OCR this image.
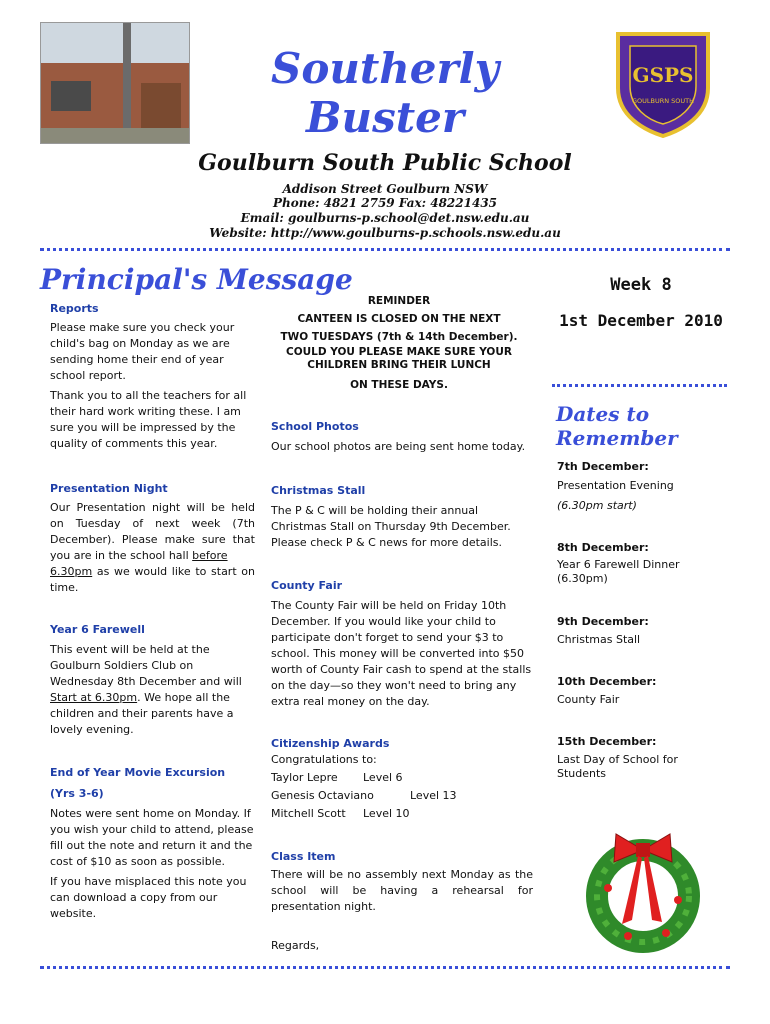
Southerly Buster
GSPS
GOULBURN SOUTH
Goulburn South Public School
Addison Street Goulburn NSW
Phone: 4821 2759 Fax: 48221435
Email: goulburns-p.school@det.nsw.edu.au
Website: http://www.goulburns-p.schools.nsw.edu.au
Principal's Message
Reports
Please make sure you check your child's bag on Monday as we are sending home their end of year school report.
Thank you to all the teachers for all their hard work writing these. I am sure you will be impressed by the quality of comments this year.
Presentation Night
Our Presentation night will be held on Tuesday of next week (7th December). Please make sure that you are in the school hall before
6.30pm as we would like to start on time.
Year 6 Farewell
This event will be held at the Goulburn Soldiers Club on Wednesday 8th December and will Start at 6.30pm. We hope all the children and their parents have a lovely evening.
End of Year Movie Excursion
(Yrs 3-6)
Notes were sent home on Monday. If you wish your child to attend, please fill out the note and return it and the cost of $10 as soon as possible.
If you have misplaced this note you can download a copy from our website.
REMINDER
CANTEEN IS CLOSED ON THE NEXT
TWO TUESDAYS (7th & 14th December).
COULD YOU PLEASE MAKE SURE YOUR CHILDREN BRING THEIR LUNCH
ON THESE DAYS.
School Photos
Our school photos are being sent home today.
Christmas Stall
The P & C will be holding their annual Christmas Stall on Thursday 9th December. Please check P & C news for more details.
County Fair
The County Fair will be held on Friday 10th December. If you would like your child to participate don't forget to send your $3 to school. This money will be converted into $50 worth of County Fair cash to spend at the stalls on the day—so they won't need to bring any extra real money on the day.
Citizenship Awards
Congratulations to:
Taylor Lepre Level 6
Genesis Octaviano	Level 13
Mitchell Scott Level 10
Class Item
There will be no assembly next Monday as the school will be having a rehearsal for presentation night.
Regards,
Week 8
1st December 2010
Dates to Remember
7th December:
Presentation Evening
(6.30pm start)
8th December:
Year 6 Farewell Dinner (6.30pm)
9th December:
Christmas Stall
10th December:
County Fair
15th December:
Last Day of School for Students
